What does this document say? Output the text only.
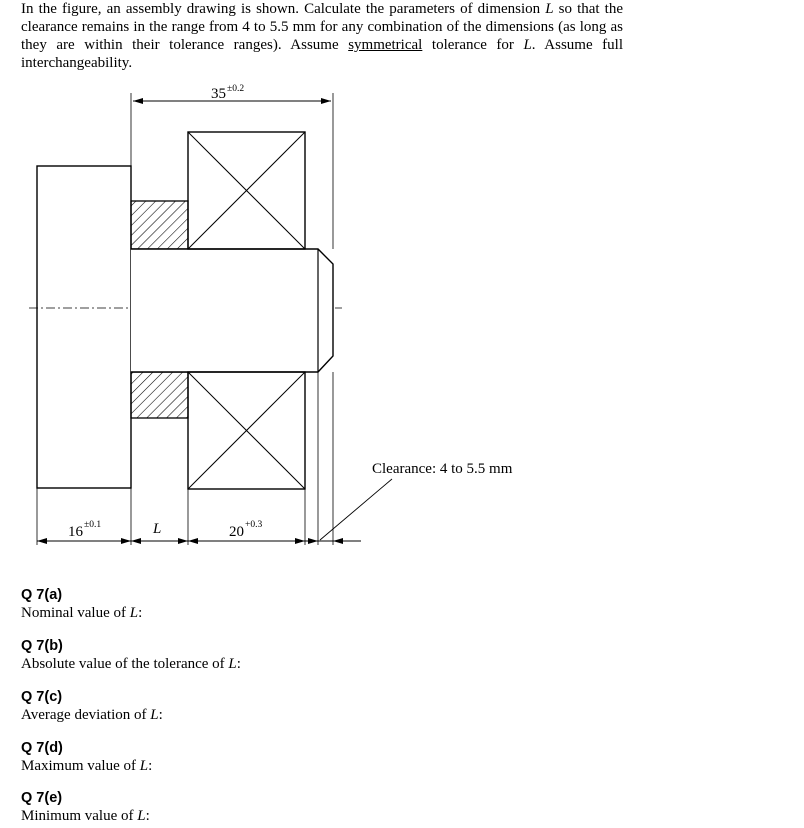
In the figure, an assembly drawing is shown. Calculate the parameters of dimension L so that the clearance remains in the range from 4 to 5.5 mm for any combination of the dimensions (as long as they are within their tolerance ranges). Assume symmetrical tolerance for L. Assume full interchangeability.

35 ±0.2
16 ±0.1	L	20 +0.3
Clearance: 4 to 5.5 mm
Q 7(a)
Nominal value of L:
Q 7(b)
Absolute value of the tolerance of L:
Q 7(c)
Average deviation of L:
Q 7(d)
Maximum value of L:
Q 7(e)
Minimum value of L:
